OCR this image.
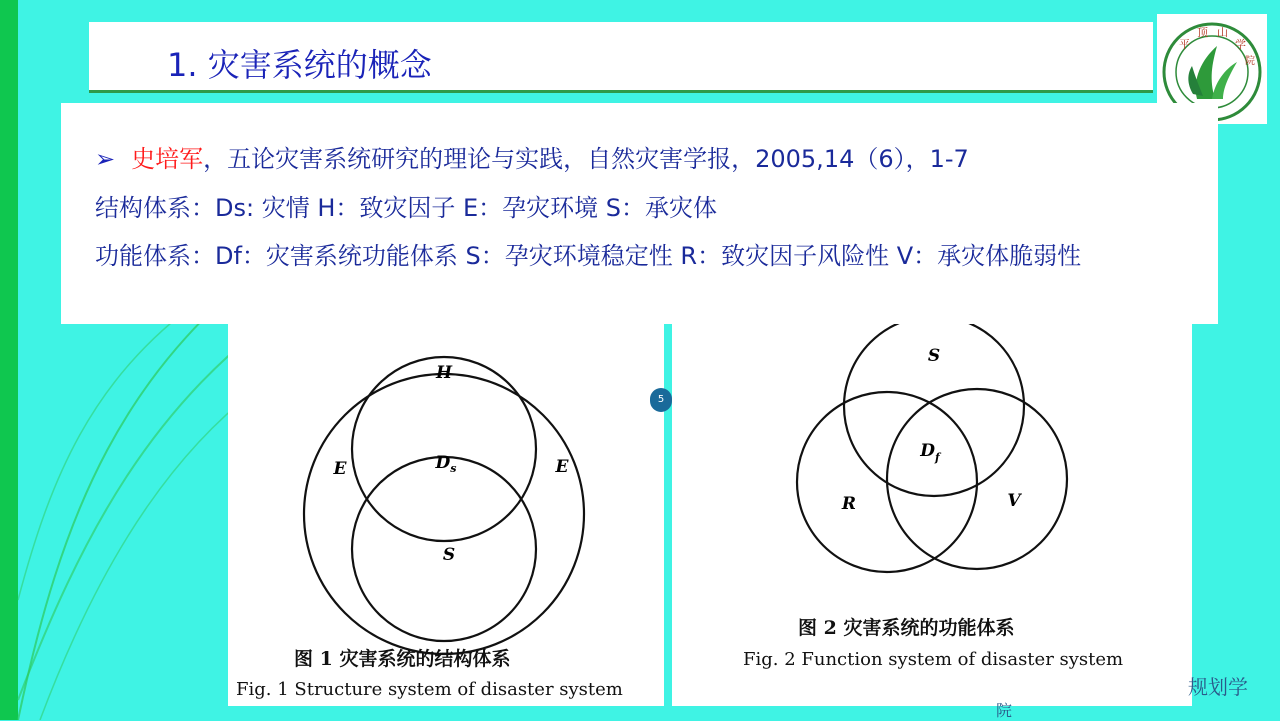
1. 灾害系统的概念
平
顶 山
学
院
➢ 史培军，五论灾害系统研究的理论与实践，自然灾害学报，2005,14（6），1-7
结构体系：Ds: 灾情 H：致灾因子 E：孕灾环境 S：承灾体
功能体系：Df：灾害系统功能体系 S：孕灾环境稳定性 R：致灾因子风险性 V：承灾体脆弱性
H
E	E
$D_s$
S
图 1 灾害系统的结构体系
Fig. 1 Structure system of disaster system
S
$D_f$
R	V
图 2 灾害系统的功能体系
Fig. 2 Function system of disaster system
5
规划学
院
